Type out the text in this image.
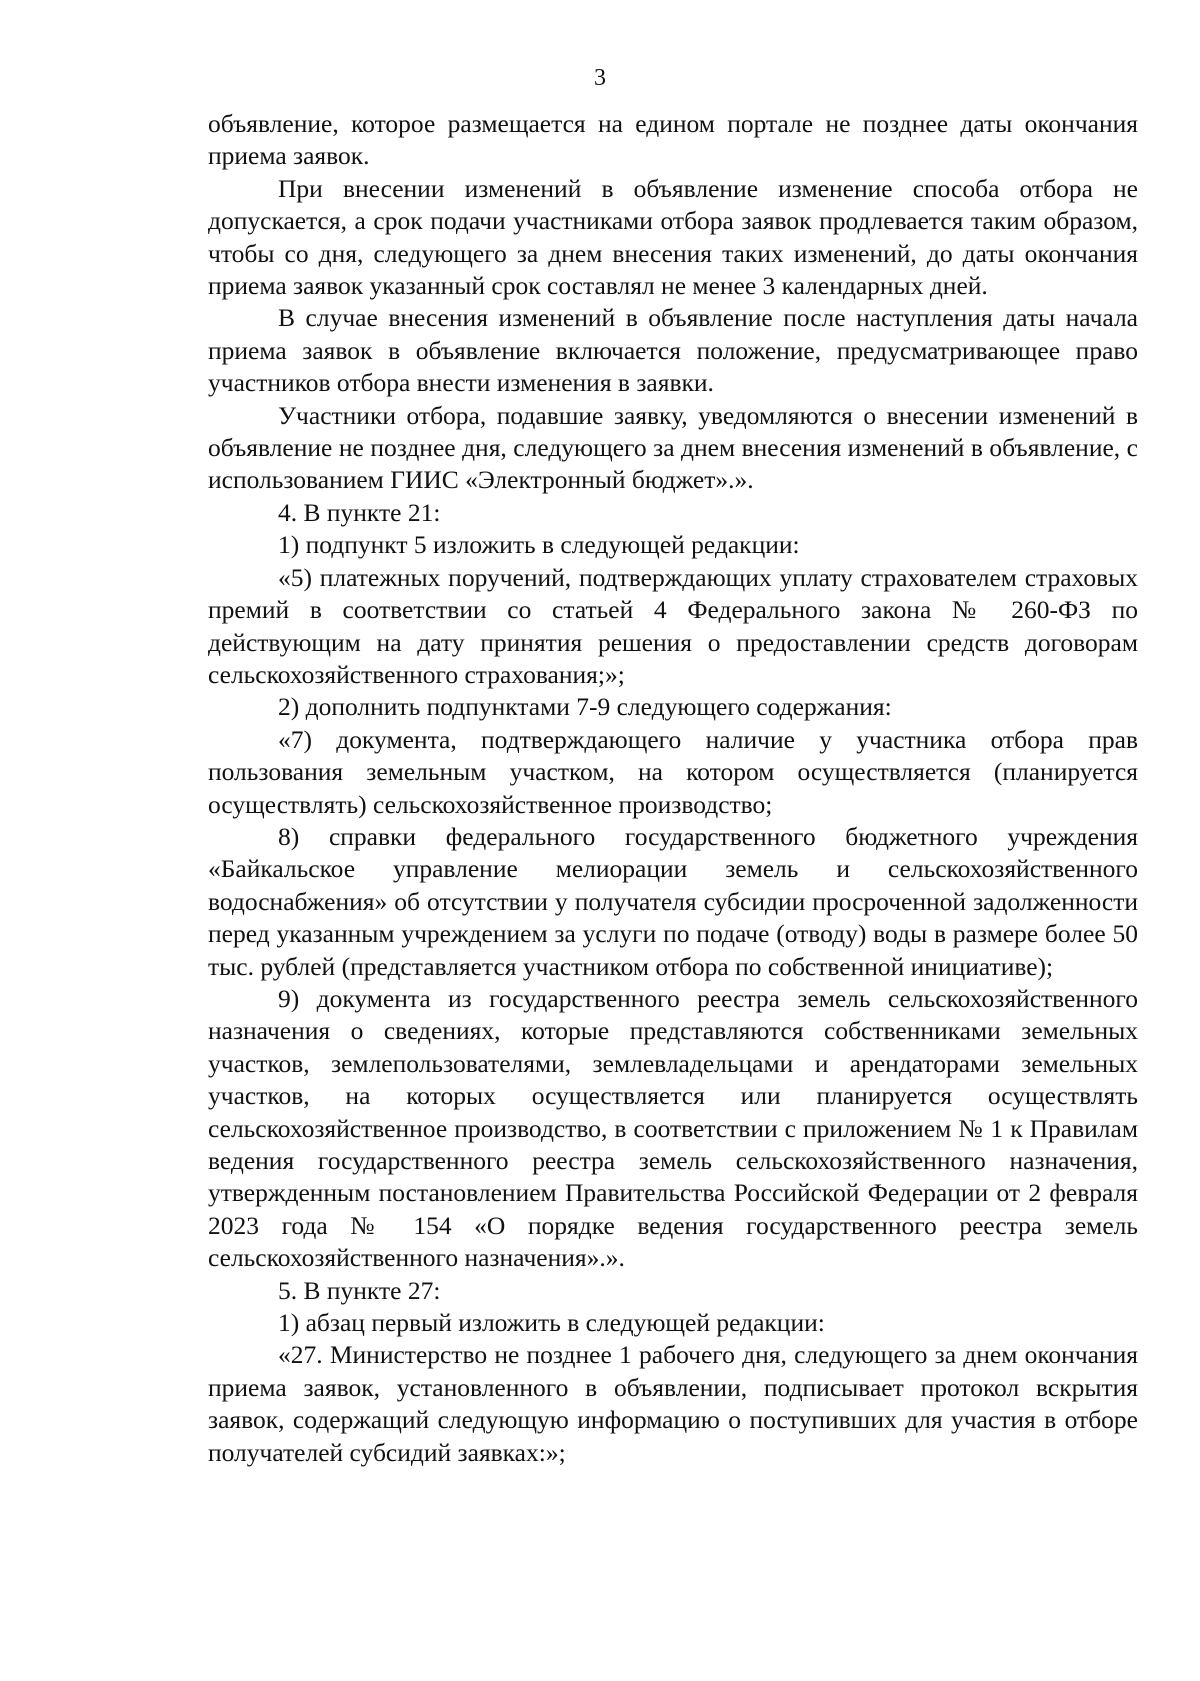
3

объявление, которое размещается на едином портале не позднее даты окончания приема заявок.

При внесении изменений в объявление изменение способа отбора не допускается, а срок подачи участниками отбора заявок продлевается таким образом, чтобы со дня, следующего за днем внесения таких изменений, до даты окончания приема заявок указанный срок составлял не менее 3 календарных дней.

В случае внесения изменений в объявление после наступления даты начала приема заявок в объявление включается положение, предусматривающее право участников отбора внести изменения в заявки.

Участники отбора, подавшие заявку, уведомляются о внесении изменений в объявление не позднее дня, следующего за днем внесения изменений в объявление, с использованием ГИИС «Электронный бюджет».».

4. В пункте 21:

1) подпункт 5 изложить в следующей редакции:

«5) платежных поручений, подтверждающих уплату страхователем страховых премий в соответствии со статьей 4 Федерального закона № 260-ФЗ по действующим на дату принятия решения о предоставлении средств договорам сельскохозяйственного страхования;»;

2) дополнить подпунктами 7-9 следующего содержания:

«7) документа, подтверждающего наличие у участника отбора прав пользования земельным участком, на котором осуществляется (планируется осуществлять) сельскохозяйственное производство;

8) справки федерального государственного бюджетного учреждения «Байкальское управление мелиорации земель и сельскохозяйственного водоснабжения» об отсутствии у получателя субсидии просроченной задолженности перед указанным учреждением за услуги по подаче (отводу) воды в размере более 50 тыс. рублей (представляется участником отбора по собственной инициативе);

9) документа из государственного реестра земель сельскохозяйственного назначения о сведениях, которые представляются собственниками земельных участков, землепользователями, землевладельцами и арендаторами земельных участков, на которых осуществляется или планируется осуществлять сельскохозяйственное производство, в соответствии с приложением № 1 к Правилам ведения государственного реестра земель сельскохозяйственного назначения, утвержденным постановлением Правительства Российской Федерации от 2 февраля 2023 года № 154 «О порядке ведения государственного реестра земель сельскохозяйственного назначения».».

5. В пункте 27:

1) абзац первый изложить в следующей редакции:

«27. Министерство не позднее 1 рабочего дня, следующего за днем окончания приема заявок, установленного в объявлении, подписывает протокол вскрытия заявок, содержащий следующую информацию о поступивших для участия в отборе получателей субсидий заявках:»;
